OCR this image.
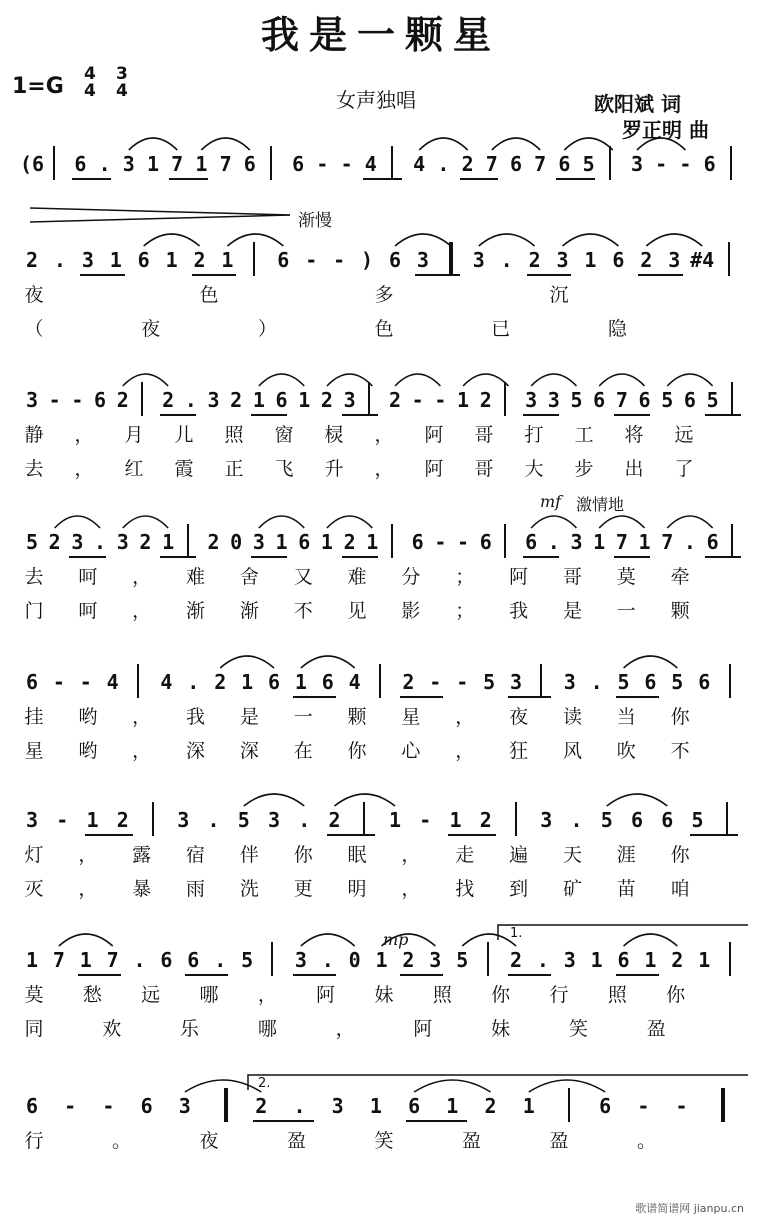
我是一颗星
1=G 4
4
3
4	女声独唱	欧阳斌 词
罗正明 曲
渐慢
mf 激情地
mp	1.
2.
歌谱简谱网 jianpu.cn
(6 6 . 3 1 7 1 7 6 6 - - 4 4 . 2 7 6 7 6 5 3 - - 6
2 . 3 1 6 1 2 1 6 - - ) 6 3 3 . 2 3 1 6 2 3 #4
夜	色	多	沉
（	夜	）	色	已	隐
3 - - 6 2 2 . 3 2 1 6 1 2 3 2 - - 1 2 3 3 5 6 7 6 5 6 5
静 ， 月 儿 照 窗 棂 ， 阿 哥 打 工 将 远
去 ， 红 霞 正 飞 升 ， 阿 哥 大 步 出 了
5 2 3 . 3 2 1 2 0 3 1 6 1 2 1 6 - - 6 6 . 3 1 7 1 7 . 6
去 呵 ， 难 舍 又 难 分 ； 阿 哥 莫 牵
门 呵 ， 渐 渐 不 见 影 ； 我 是 一 颗
6 - - 4 4 . 2 1 6 1 6 4 2 - - 5 3 3 . 5 6 5 6
挂 哟 ， 我 是 一 颗 星 ， 夜 读 当 你
星 哟 ， 深 深 在 你 心 ， 狂 风 吹 不
3 - 1 2 3 . 5 3 . 2 1 - 1 2 3 . 5 6 6 5
灯 ， 露 宿 伴 你 眠 ， 走 遍 天 涯 你
灭 ， 暴 雨 洗 更 明 ， 找 到 矿 苗 咱
1 7 1 7 . 6 6 . 5 3 . 0 1 2 3 5 2 . 3 1 6 1 2 1
莫 愁 远 哪 ， 阿 妹 照 你 行 照 你
同	欢	乐	哪	，	阿	妹	笑	盈
6 - - 6 3	2 . 3 1 6 1 2 1	6 - -
行	。	夜	盈	笑	盈	盈	。
